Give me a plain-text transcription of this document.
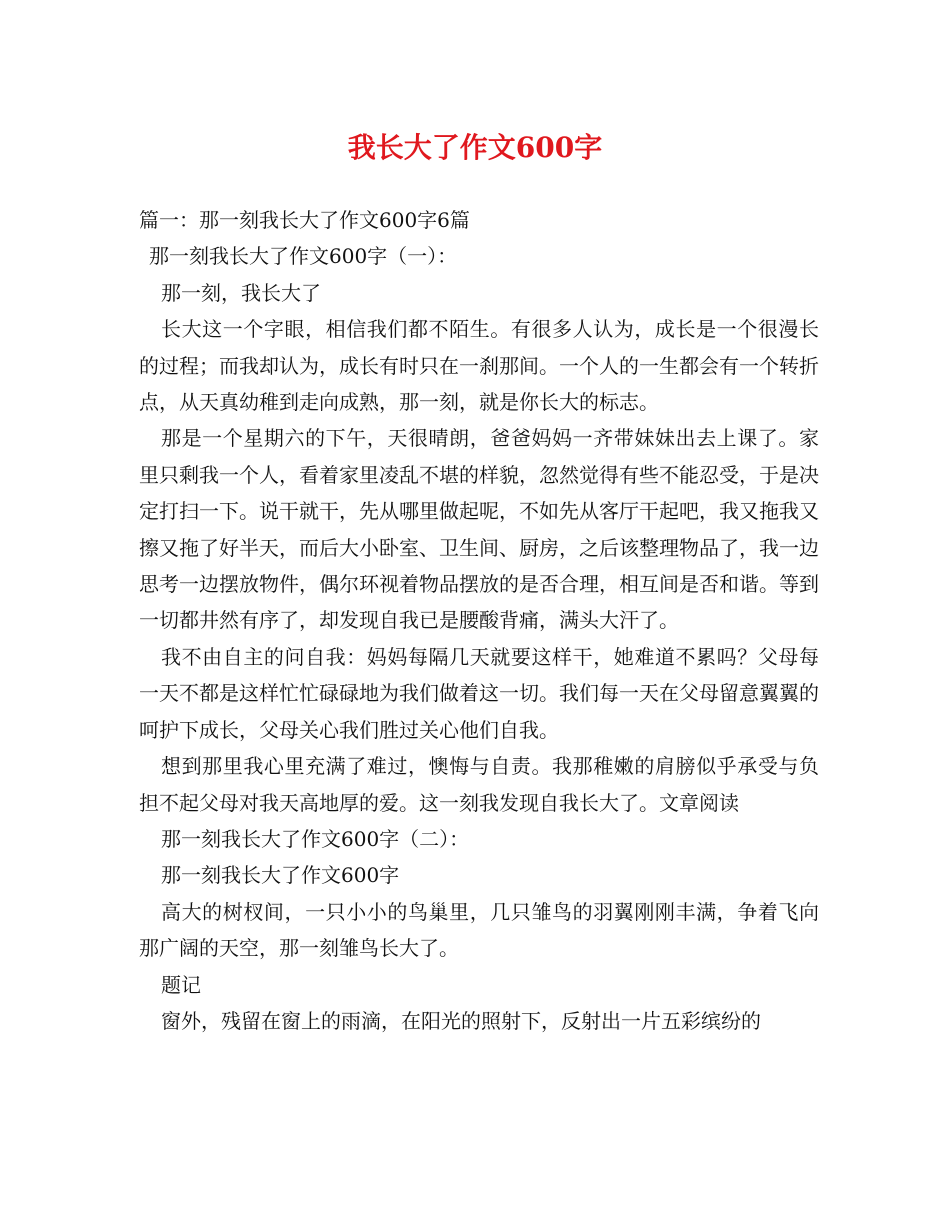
我长大了作文600字

篇一：那一刻我长大了作文600字6篇

那一刻我长大了作文600字（一）：

那一刻，我长大了

长大这一个字眼，相信我们都不陌生。有很多人认为，成长是一个很漫长的过程；而我却认为，成长有时只在一刹那间。一个人的一生都会有一个转折点，从天真幼稚到走向成熟，那一刻，就是你长大的标志。

那是一个星期六的下午，天很晴朗，爸爸妈妈一齐带妹妹出去上课了。家里只剩我一个人，看着家里凌乱不堪的样貌，忽然觉得有些不能忍受，于是决定打扫一下。说干就干，先从哪里做起呢，不如先从客厅干起吧，我又拖我又擦又拖了好半天，而后大小卧室、卫生间、厨房，之后该整理物品了，我一边思考一边摆放物件，偶尔环视着物品摆放的是否合理，相互间是否和谐。等到一切都井然有序了，却发现自我已是腰酸背痛，满头大汗了。

我不由自主的问自我：妈妈每隔几天就要这样干，她难道不累吗？父母每一天不都是这样忙忙碌碌地为我们做着这一切。我们每一天在父母留意翼翼的呵护下成长，父母关心我们胜过关心他们自我。

想到那里我心里充满了难过，懊悔与自责。我那稚嫩的肩膀似乎承受与负担不起父母对我天高地厚的爱。这一刻我发现自我长大了。文章阅读

那一刻我长大了作文600字（二）：

那一刻我长大了作文600字

高大的树杈间，一只小小的鸟巢里，几只雏鸟的羽翼刚刚丰满，争着飞向那广阔的天空，那一刻雏鸟长大了。

题记

窗外，残留在窗上的雨滴，在阳光的照射下，反射出一片五彩缤纷的
